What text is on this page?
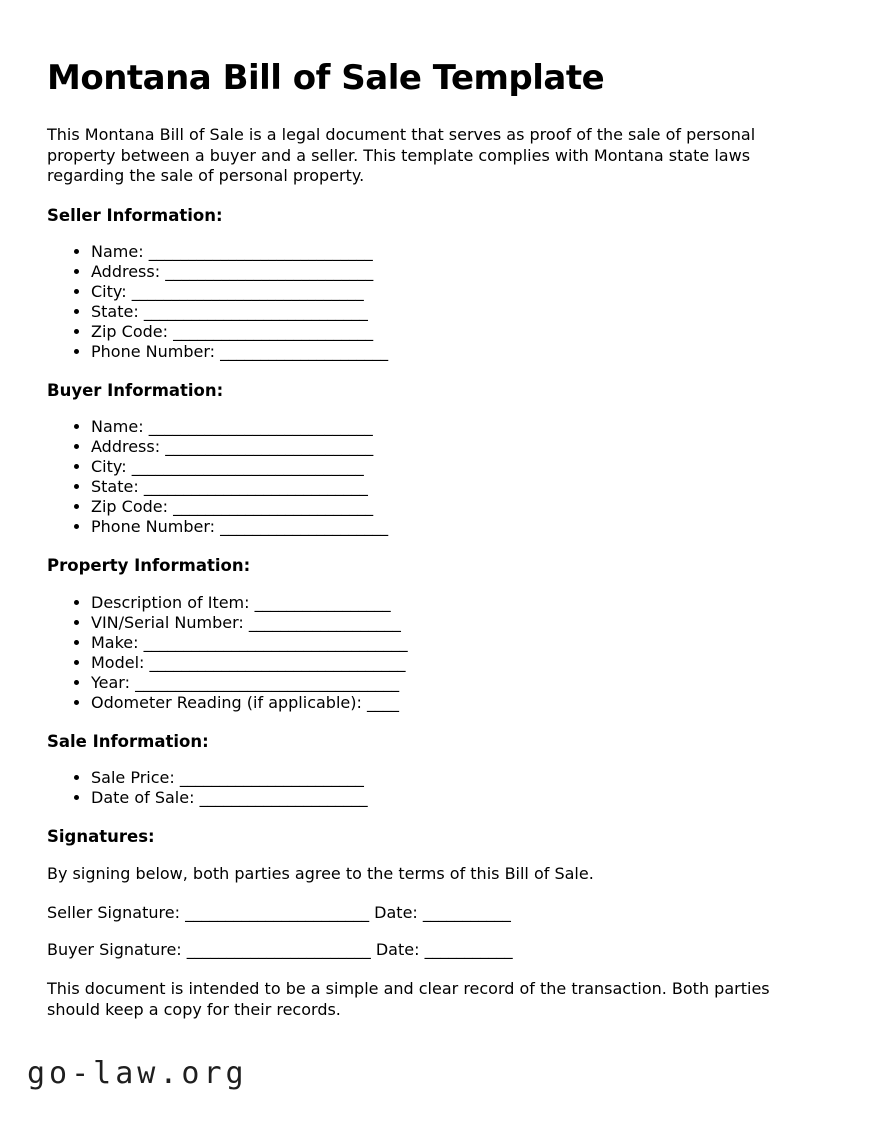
Montana Bill of Sale Template

This Montana Bill of Sale is a legal document that serves as proof of the sale of personal property between a buyer and a seller. This template complies with Montana state laws regarding the sale of personal property.

Seller Information:
• Name: ____________________________
• Address: __________________________
• City: _____________________________
• State: ____________________________
• Zip Code: _________________________
• Phone Number: _____________________
Buyer Information:
• Name: ____________________________
• Address: __________________________
• City: _____________________________
• State: ____________________________
• Zip Code: _________________________
• Phone Number: _____________________
Property Information:
• Description of Item: _________________
• VIN/Serial Number: ___________________
• Make: _________________________________
• Model: ________________________________
• Year: _________________________________
• Odometer Reading (if applicable): ____
Sale Information:
• Sale Price: _______________________
• Date of Sale: _____________________
Signatures:

By signing below, both parties agree to the terms of this Bill of Sale.

Seller Signature: _______________________ Date: ___________

Buyer Signature: _______________________ Date: ___________

This document is intended to be a simple and clear record of the transaction. Both parties should keep a copy for their records.

go-law.org
